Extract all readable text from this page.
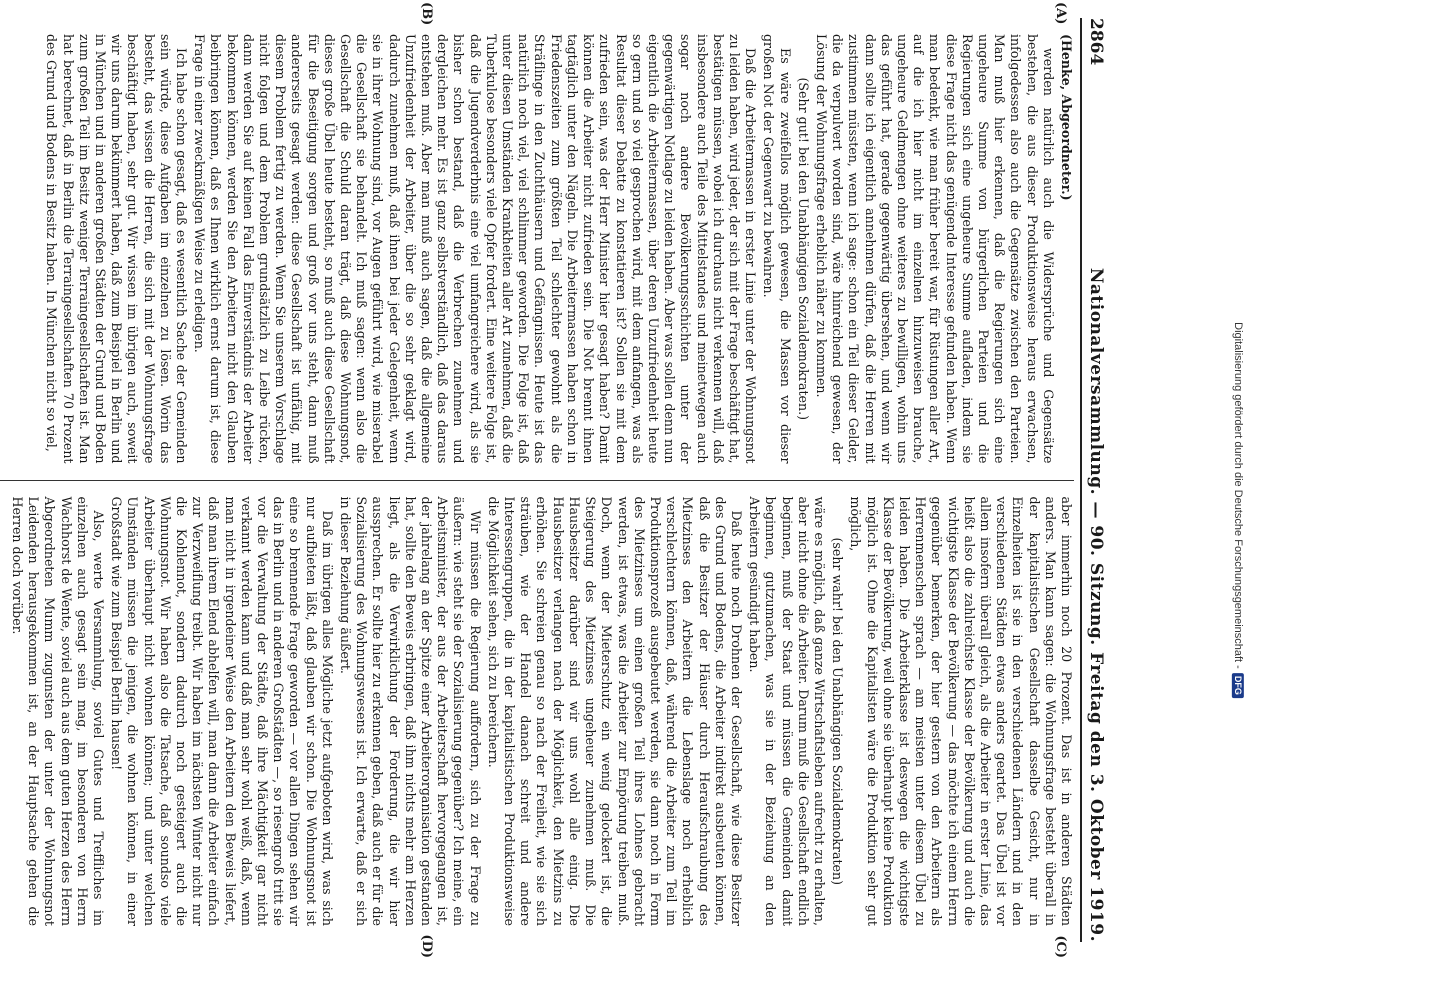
2864
Nationalversammlung. — 90. Sitzung. Freitag den 3. Oktober 1919.
(A)
(B)
(C)
(D)

(Henke, Abgeordneter.)

werden natürlich auch die Widersprüche und Gegensätze bestehen, die aus dieser Produktionsweise heraus erwachsen, infolgedessen also auch die Gegensätze zwischen den Parteien. Man muß hier erkennen, daß die Regierungen sich eine ungeheure Summe von bürgerlichen Parteien und die Regierungen sich eine ungeheure Summe aufladen, indem sie diese Frage nicht das genügende Interesse gefunden haben. Wenn man bedenkt, wie man früher bereit war, für Rüstungen aller Art, auf die ich hier nicht im einzelnen hinzuweisen brauche, ungeheure Geldmengen ohne weiteres zu bewilligen, wohin uns das geführt hat, gerade gegenwärtig übersehen, und wenn wir dann sollte ich eigentlich annehmen dürfen, daß die Herren mit zustimmen müssten, wenn ich sage: schon ein Teil dieser Gelder, die da verpulvert worden sind, wäre hinreichend gewesen, der Lösung der Wohnungsfrage erheblich näher zu kommen.

(Sehr gut! bei den Unabhängigen Sozialdemokraten.)

Es wäre zweifellos möglich gewesen, die Massen vor dieser großen Not der Gegenwart zu bewahren.

Daß die Arbeitermassen in erster Linie unter der Wohnungsnot zu leiden haben, wird jeder, der sich mit der Frage beschäftigt hat, bestätigen müssen, wobei ich durchaus nicht verkennen will, daß insbesondere auch Teile des Mittelstandes und meinetwegen auch sogar noch andere Bevölkerungsschichten unter der gegenwärtigen Notlage zu leiden haben. Aber was sollen denn nun eigentlich die Arbeitermassen, über deren Unzufriedenheit heute so gern und so viel gesprochen wird, mit dem anfangen, was als Resultat dieser Debatte zu konstatieren ist? Sollen sie mit dem zufrieden sein, was der Herr Minister hier gesagt haben? Damit können die Arbeiter nicht zufrieden sein. Die Not brennt ihnen tagtäglich unter den Nägeln. Die Arbeitermassen haben schon in Friedenszeiten zum größten Teil schlechter gewohnt als die Sträflinge in den Zuchthäusern und Gefängnissen. Heute ist das natürlich noch viel, viel schlimmer geworden. Die Folge ist, daß unter diesen Umständen Krankheiten aller Art zunehmen, daß die Tuberkulose besonders viele Opfer fordert. Eine weitere Folge ist, daß die Jugendverderbnis eine viel umfangreichere wird, als sie bisher schon bestand, daß die Verbrechen zunehmen und dergleichen mehr. Es ist ganz selbstverständlich, daß das daraus entstehen muß. Aber man muß auch sagen, daß die allgemeine Unzufriedenheit der Arbeiter, über die so sehr geklagt wird, dadurch zunehmen muß, daß ihnen bei jeder Gelegenheit, wenn sie in ihrer Wohnung sind, vor Augen geführt wird, wie miserabel die Gesellschaft sie behandelt. Ich muß sagen: wenn also die Gesellschaft die Schuld daran trägt, daß diese Wohnungsnot, dieses große Übel heute besteht, so muß auch diese Gesellschaft für die Beseitigung sorgen und groß vor uns steht, dann muß andererseits gesagt werden: diese Gesellschaft ist unfähig, mit diesem Problem fertig zu werden. Wenn Sie unserem Vorschlage nicht folgen und dem Problem grundsätzlich zu Leibe rücken, dann werden Sie auf keinen Fall das Einverständnis der Arbeiter bekommen können, werden Sie den Arbeitern nicht den Glauben beibringen können, daß es Ihnen wirklich ernst darum ist, diese Frage in einer zweckmäßigen Weise zu erledigen.

Ich habe schon gesagt, daß es wesentlich Sache der Gemeinden sein würde, diese Aufgaben im einzelnen zu lösen. Worin das besteht, das wissen die Herren, die sich mit der Wohnungsfrage beschäftigt haben, sehr gut. Wir wissen im übrigen auch, soweit wir uns darum bekümmert haben, daß zum Beispiel in Berlin und in München und in anderen großen Städten der Grund und Boden zum großen Teil im Besitz weniger Terraingesellschaften ist. Man hat berechnet, daß in Berlin die Terraingesellschaften 70 Prozent des Grund und Bodens in Besitz haben. In München nicht so viel,

aber immerhin noch 20 Prozent. Das ist in anderen Städten anders. Man kann sagen: die Wohnungsfrage besteht überall in der kapitalistischen Gesellschaft dasselbe Gesicht, nur in Einzelheiten ist sie in den verschiedenen Ländern und in den verschiedenen Städten etwas anders geartet. Das Übel ist vor allem insofern überall gleich, als die Arbeiter in erster Linie, das heißt also die zahlreichste Klasse der Bevölkerung und auch die wichtigste Klasse der Bevölkerung — das möchte ich einem Herrn gegenüber bemerken, der hier gestern von den Arbeitern als Herrenmenschen sprach — am meisten unter diesem Übel zu leiden haben. Die Arbeiterklasse ist deswegen die wichtigste Klasse der Bevölkerung, weil ohne sie überhaupt keine Produktion möglich ist. Ohne die Kapitalisten wäre die Produktion sehr gut möglich,

(sehr wahr! bei den Unabhängigen Sozialdemokraten)

wäre es möglich, daß ganze Wirtschaftsleben aufrecht zu erhalten, aber nicht ohne die Arbeiter. Darum muß die Gesellschaft endlich beginnen, muß der Staat und müssen die Gemeinden damit beginnen, gutzumachen, was sie in der Beziehung an den Arbeitern gesündigt haben.

Daß heute noch Drohnen der Gesellschaft, wie diese Besitzer des Grund und Bodens, die Arbeiter indirekt ausbeuten können, daß die Besitzer der Häuser durch Heraufschraubung des Mietzinses den Arbeitern die Lebenslage noch erheblich verschlechtern können, daß, während die Arbeiter zum Teil im Produktionsprozeß ausgebeutet werden, sie dann noch in Form des Mietzinses um einen großen Teil ihres Lohnes gebracht werden, ist etwas, was die Arbeiter zur Empörung treiben muß. Doch, wenn der Mieterschutz ein wenig gelockert ist, die Steigerung des Mietzinses ungeheuer zunehmen muß. Die Hausbesitzer darüber sind wir uns wohl alle einig. Die Hausbesitzer verlangen nach der Möglichkeit, den Mietzins zu erhöhen. Sie schreien genau so nach der Freiheit, wie sie sich sträuben, wie der Handel danach schreit und andere Interessengruppen, die in der kapitalistischen Produktionsweise die Möglichkeit sehen, sich zu bereichern.

Wir müssen die Regierung auffordern, sich zu der Frage zu äußern: wie steht sie der Sozialisierung gegenüber? Ich meine, ein Arbeitsminister, der aus der Arbeiterschaft hervorgegangen ist, der jahrelang an der Spitze einer Arbeiterorganisation gestanden hat, sollte den Beweis erbringen, daß ihm nichts mehr am Herzen liegt, als die Verwirklichung der Forderung, die wir hier aussprechen. Er sollte hier zu erkennen geben, daß auch er für die Sozialisierung des Wohnungswesens ist. Ich erwarte, daß er sich in dieser Beziehung äußert.

Daß im übrigen alles Mögliche jetzt aufgeboten wird, was sich nur aufbieten läßt, daß glauben wir schon. Die Wohnungsnot ist eine so brennende Frage geworden — vor allen Dingen sehen wir das in Berlin und in anderen Großstädten —, so riesengroß tritt sie vor die Verwaltung der Städte, daß ihre Mächtigkeit gar nicht verkannt werden kann und daß man sehr wohl weiß, daß, wenn man nicht in irgendeiner Weise den Arbeitern den Beweis liefert, daß man ihrem Elend abhelfen will, man dann die Arbeiter einfach zur Verzweiflung treibt. Wir haben im nächsten Winter nicht nur die Kohlennot, sondern dadurch noch gesteigert auch die Wohnungsnot. Wir haben also die Tatsache, daß soundso viele Arbeiter überhaupt nicht wohnen können; und unter welchen Umständen müssen die jenigen, die wohnen können, in einer Großstadt wie zum Beispiel Berlin hausen!

Also, werte Versammlung, soviel Gutes und Treffliches im einzelnen auch gesagt sein mag, im besonderen von Herrn Wachhorst de Wente, soviel auch aus dem guten Herzen des Herrn Abgeordneten Mumm zugunsten der unter der Wohnungsnot Leidenden herausgekommen ist, an der Hauptsache gehen die Herren doch vorüber.	Digitalisierung gefördert durch die Deutsche Forschungsgemeinschaft -
DFG
